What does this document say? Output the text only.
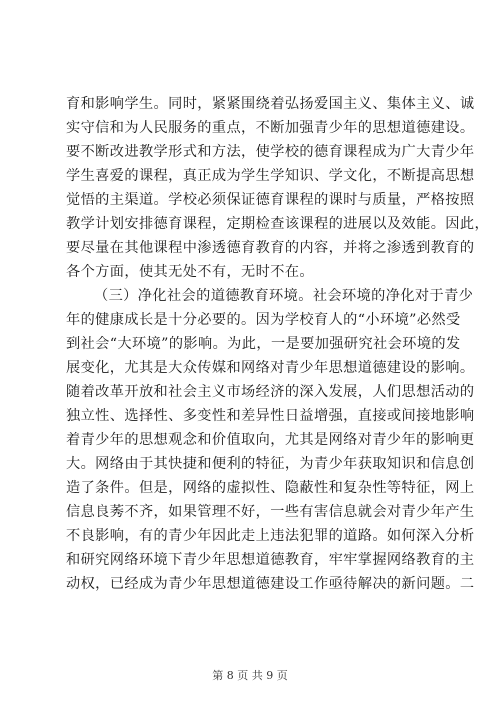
育和影响学生。同时，紧紧围绕着弘扬爱国主义、集体主义、诚
实守信和为人民服务的重点，不断加强青少年的思想道德建设。
要不断改进教学形式和方法，使学校的德育课程成为广大青少年
学生喜爱的课程，真正成为学生学知识、学文化，不断提高思想
觉悟的主渠道。学校必须保证德育课程的课时与质量，严格按照
教学计划安排德育课程，定期检查该课程的进展以及效能。因此，
要尽量在其他课程中渗透德育教育的内容，并将之渗透到教育的
各个方面，使其无处不有，无时不在。
（三）净化社会的道德教育环境。社会环境的净化对于青少
年的健康成长是十分必要的。因为学校育人的“小环境”必然受
到社会“大环境”的影响。为此，一是要加强研究社会环境的发
展变化，尤其是大众传媒和网络对青少年思想道德建设的影响。
随着改革开放和社会主义市场经济的深入发展，人们思想活动的
独立性、选择性、多变性和差异性日益增强，直接或间接地影响
着青少年的思想观念和价值取向，尤其是网络对青少年的影响更
大。网络由于其快捷和便利的特征，为青少年获取知识和信息创
造了条件。但是，网络的虚拟性、隐蔽性和复杂性等特征，网上
信息良莠不齐，如果管理不好，一些有害信息就会对青少年产生
不良影响，有的青少年因此走上违法犯罪的道路。如何深入分析
和研究网络环境下青少年思想道德教育，牢牢掌握网络教育的主
动权，已经成为青少年思想道德建设工作亟待解决的新问题。二
第 8 页 共 9 页
